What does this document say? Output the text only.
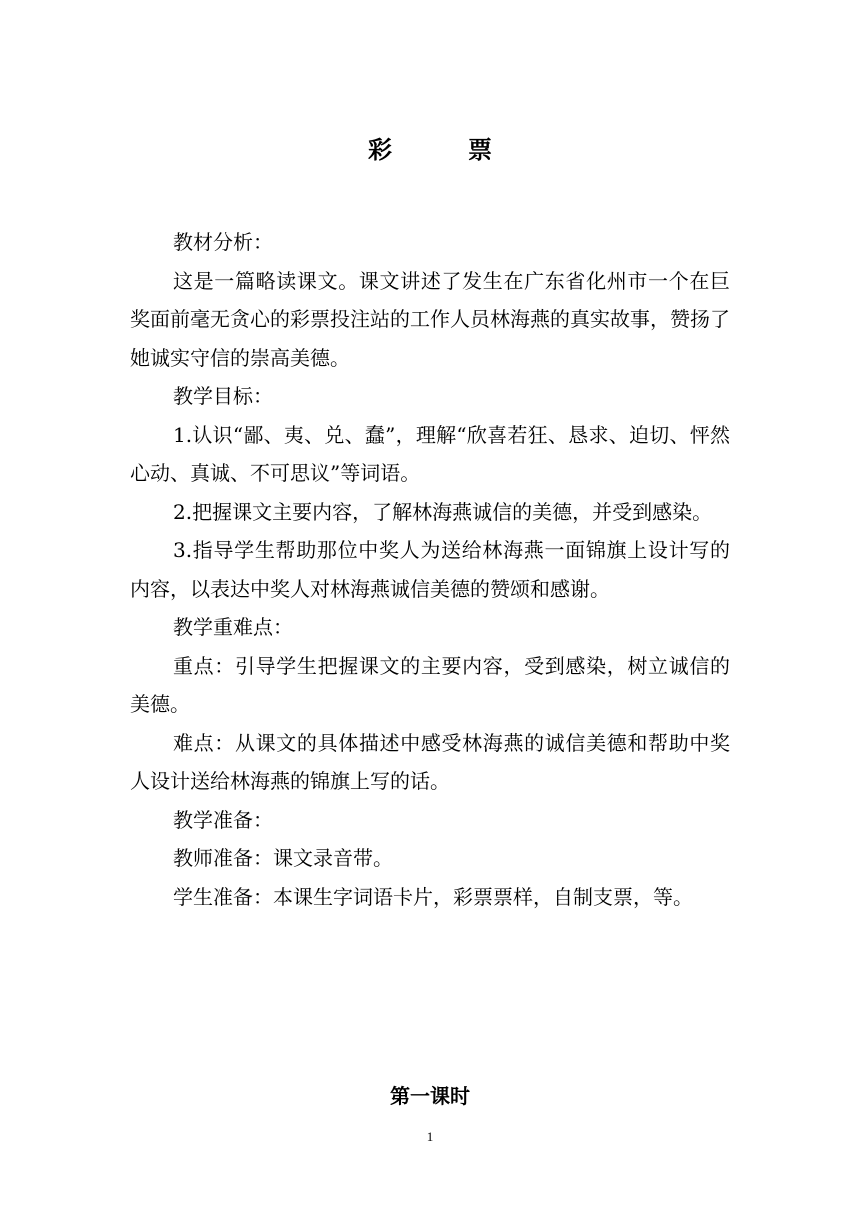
彩　票

教材分析：

这是一篇略读课文。课文讲述了发生在广东省化州市一个在巨奖面前毫无贪心的彩票投注站的工作人员林海燕的真实故事，赞扬了她诚实守信的崇高美德。

教学目标：

1.认识“鄙、夷、兑、蠢”，理解“欣喜若狂、恳求、迫切、怦然心动、真诚、不可思议”等词语。

2.把握课文主要内容，了解林海燕诚信的美德，并受到感染。

3.指导学生帮助那位中奖人为送给林海燕一面锦旗上设计写的内容，以表达中奖人对林海燕诚信美德的赞颂和感谢。

教学重难点：

重点：引导学生把握课文的主要内容，受到感染，树立诚信的美德。

难点：从课文的具体描述中感受林海燕的诚信美德和帮助中奖人设计送给林海燕的锦旗上写的话。

教学准备：

教师准备：课文录音带。

学生准备：本课生字词语卡片，彩票票样，自制支票，等。

第一课时
1
